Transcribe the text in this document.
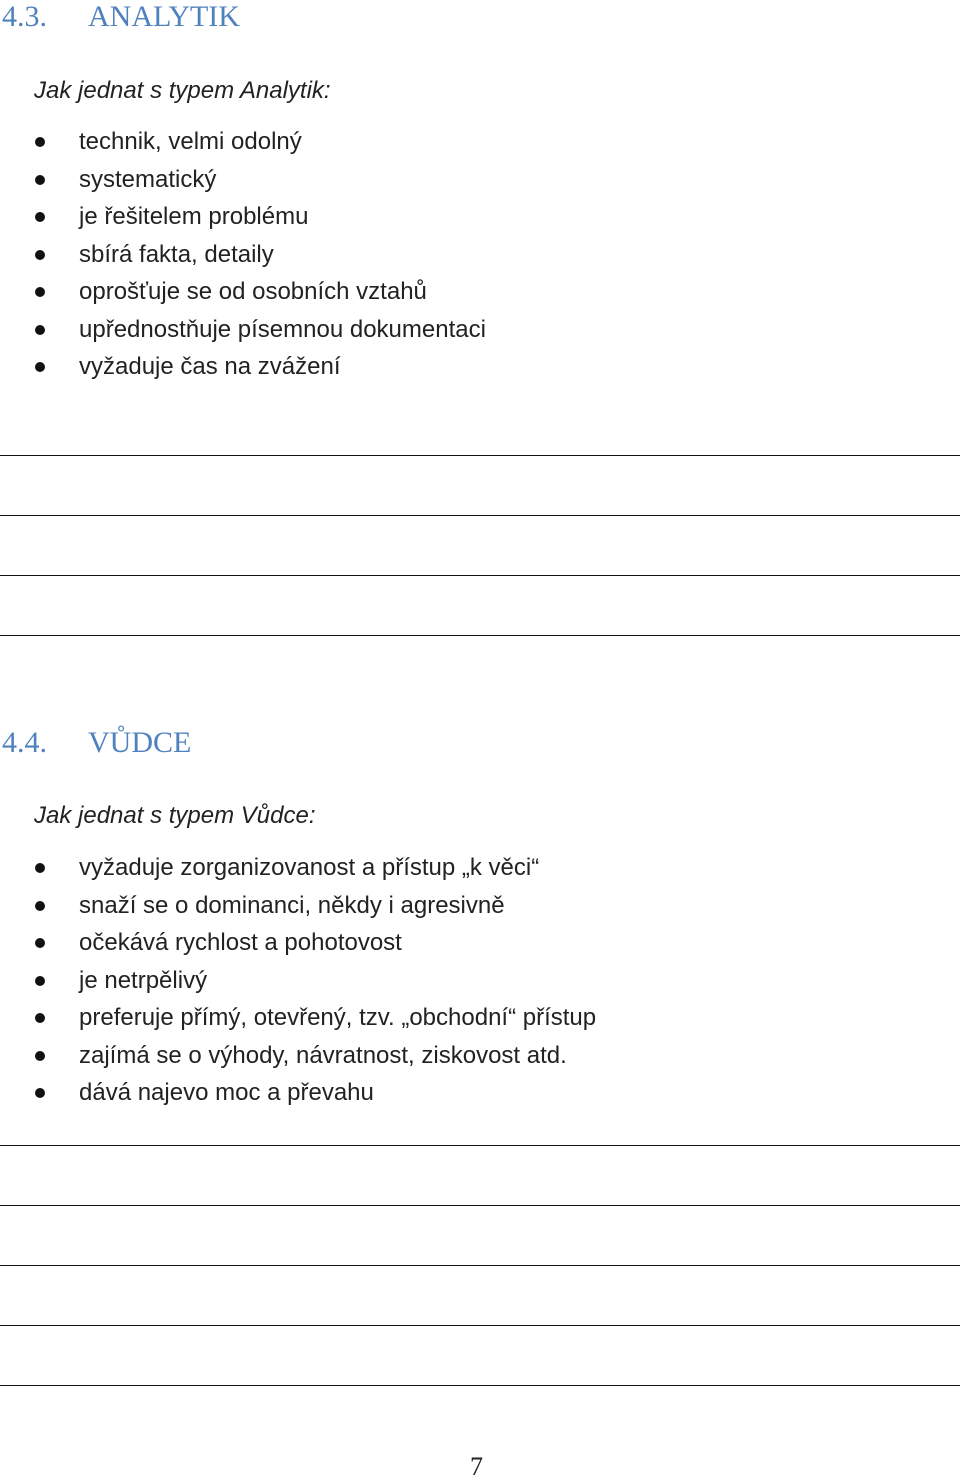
4.3. ANALYTIK

Jak jednat s typem Analytik:

technik, velmi odolný
systematický
je řešitelem problému
sbírá fakta, detaily
oprošťuje se od osobních vztahů
upřednostňuje písemnou dokumentaci
vyžaduje čas na zvážení
4.4. VŮDCE

Jak jednat s typem Vůdce:

vyžaduje zorganizovanost a přístup „k věci“
snaží se o dominanci, někdy i agresivně
očekává rychlost a pohotovost
je netrpělivý
preferuje přímý, otevřený, tzv. „obchodní“ přístup
zajímá se o výhody, návratnost, ziskovost atd.
dává najevo moc a převahu

7
